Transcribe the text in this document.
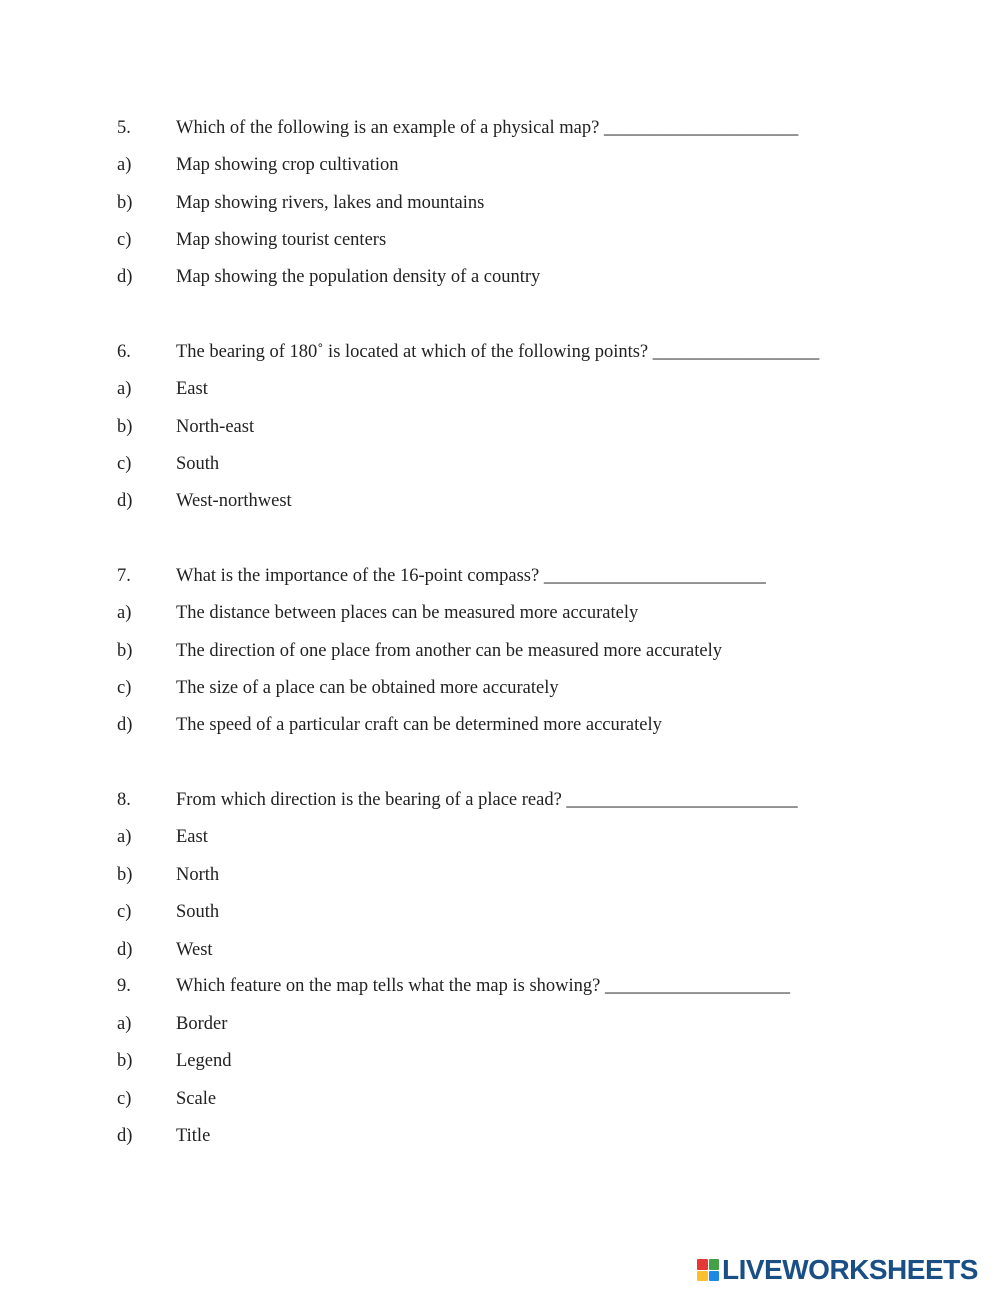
5. Which of the following is an example of a physical map? _____________________
a) Map showing crop cultivation
b) Map showing rivers, lakes and mountains
c) Map showing tourist centers
d) Map showing the population density of a country
6. The bearing of 180˚ is located at which of the following points? __________________
a) East
b) North-east
c) South
d) West-northwest
7. What is the importance of the 16-point compass? ________________________
a) The distance between places can be measured more accurately
b) The direction of one place from another can be measured more accurately
c) The size of a place can be obtained more accurately
d) The speed of a particular craft can be determined more accurately
8. From which direction is the bearing of a place read? _________________________
a) East
b) North
c) South
d) West
9. Which feature on the map tells what the map is showing? ____________________
a) Border
b) Legend
c) Scale
d) Title
LIVEWORKSHEETS
